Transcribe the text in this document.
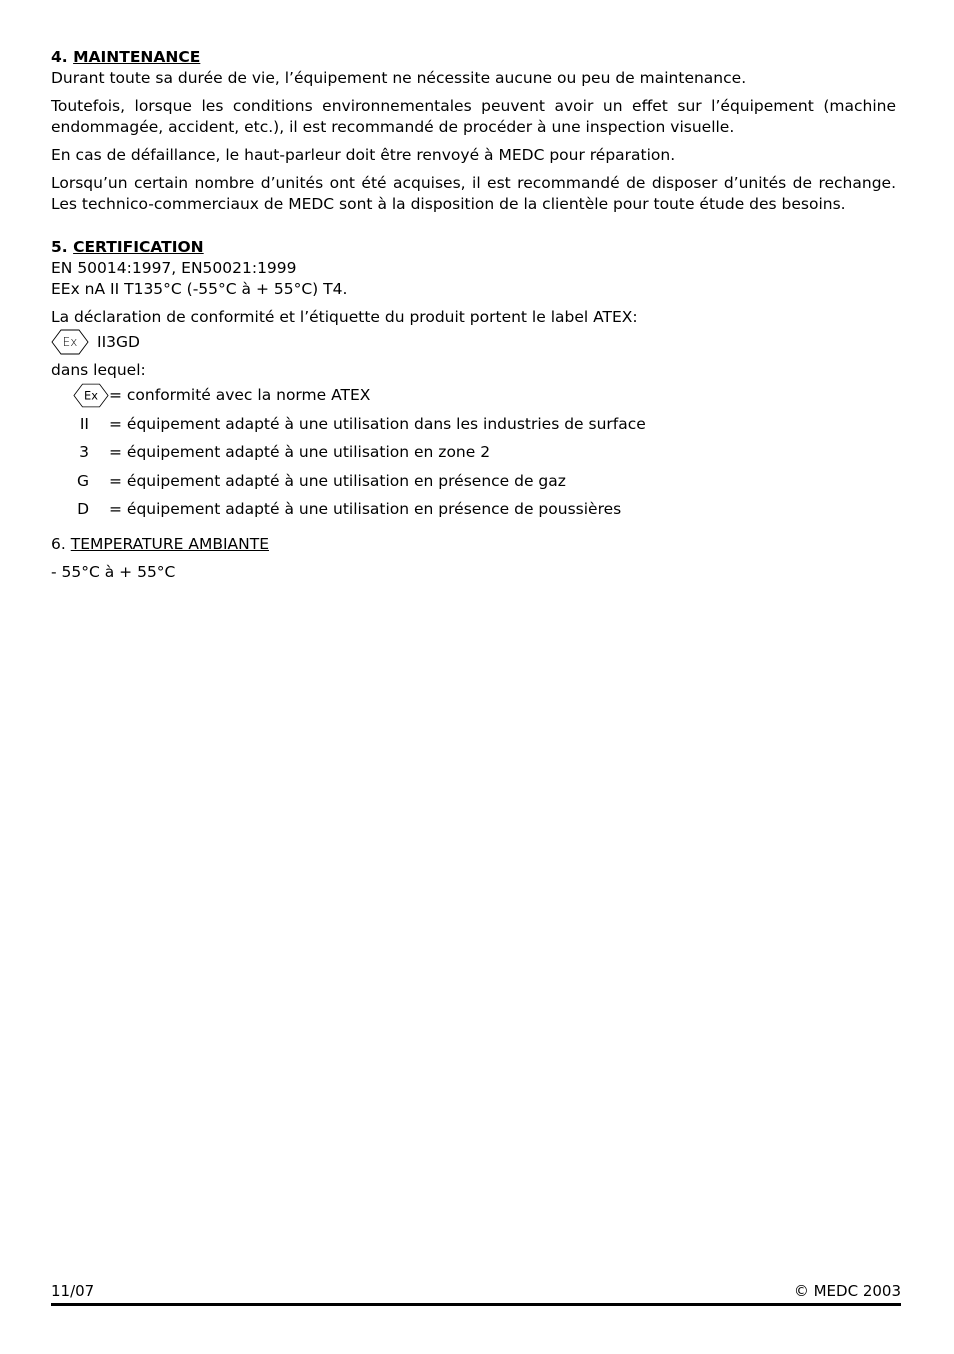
4. MAINTENANCE

Durant toute sa durée de vie, l’équipement ne nécessite aucune ou peu de maintenance.

Toutefois, lorsque les conditions environnementales peuvent avoir un effet sur l’équipement (machine endommagée, accident, etc.), il est recommandé de procéder à une inspection visuelle.

En cas de défaillance, le haut-parleur doit être renvoyé à MEDC pour réparation.

Lorsqu’un certain nombre d’unités ont été acquises, il est recommandé de disposer d’unités de rechange. Les technico-commerciaux de MEDC sont à la disposition de la clientèle pour toute étude des besoins.

5. CERTIFICATION

EN 50014:1997, EN50021:1999

EEx nA II T135°C (-55°C à + 55°C) T4.

La déclaration de conformité et l’étiquette du produit portent le label ATEX:

Ex II3GD

dans lequel:

Ex = conformité avec la norme ATEX
II	= équipement adapté à une utilisation dans les industries de surface
3	= équipement adapté à une utilisation en zone 2
G	= équipement adapté à une utilisation en présence de gaz
D	= équipement adapté à une utilisation en présence de poussières

6. TEMPERATURE AMBIANTE

- 55°C à + 55°C

11/07	© MEDC 2003
